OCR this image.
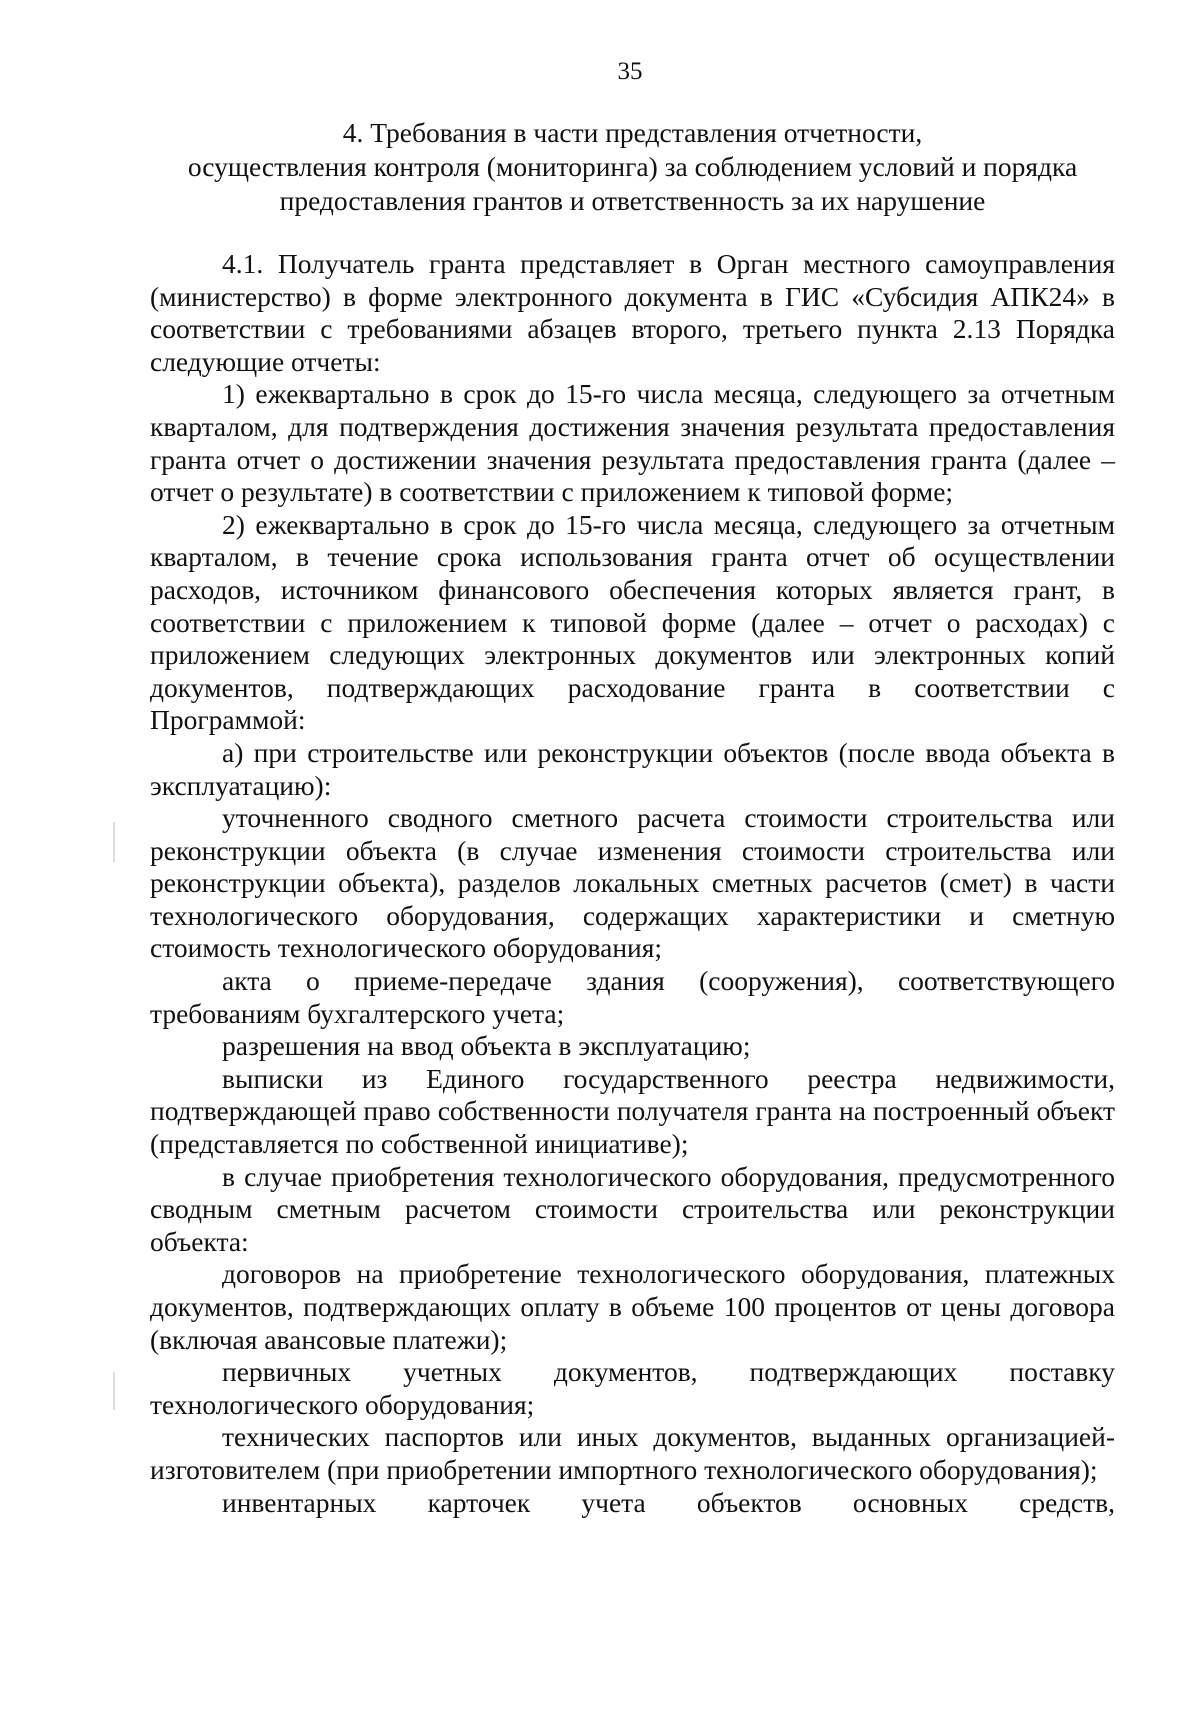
35
4. Требования в части представления отчетности,
осуществления контроля (мониторинга) за соблюдением условий и порядка
предоставления грантов и ответственность за их нарушение

4.1. Получатель гранта представляет в Орган местного самоуправления (министерство) в форме электронного документа в ГИС «Субсидия АПК24» в соответствии с требованиями абзацев второго, третьего пункта 2.13 Порядка следующие отчеты:

1) ежеквартально в срок до 15-го числа месяца, следующего за отчетным кварталом, для подтверждения достижения значения результата предоставления гранта отчет о достижении значения результата предоставления гранта (далее – отчет о результате) в соответствии с приложением к типовой форме;

2) ежеквартально в срок до 15-го числа месяца, следующего за отчетным кварталом, в течение срока использования гранта отчет об осуществлении расходов, источником финансового обеспечения которых является грант, в соответствии с приложением к типовой форме (далее – отчет о расходах) с приложением следующих электронных документов или электронных копий документов, подтверждающих расходование гранта в соответствии с Программой:

а) при строительстве или реконструкции объектов (после ввода объекта в эксплуатацию):

уточненного сводного сметного расчета стоимости строительства или реконструкции объекта (в случае изменения стоимости строительства или реконструкции объекта), разделов локальных сметных расчетов (смет) в части технологического оборудования, содержащих характеристики и сметную стоимость технологического оборудования;

акта о приеме-передаче здания (сооружения), соответствующего требованиям бухгалтерского учета;

разрешения на ввод объекта в эксплуатацию;

выписки из Единого государственного реестра недвижимости, подтверждающей право собственности получателя гранта на построенный объект (представляется по собственной инициативе);

в случае приобретения технологического оборудования, предусмотренного сводным сметным расчетом стоимости строительства или реконструкции объекта:

договоров на приобретение технологического оборудования, платежных документов, подтверждающих оплату в объеме 100 процентов от цены договора (включая авансовые платежи);

первичных учетных документов, подтверждающих поставку технологического оборудования;

технических паспортов или иных документов, выданных организацией-изготовителем (при приобретении импортного технологического оборудования);

инвентарных карточек учета объектов основных средств,
